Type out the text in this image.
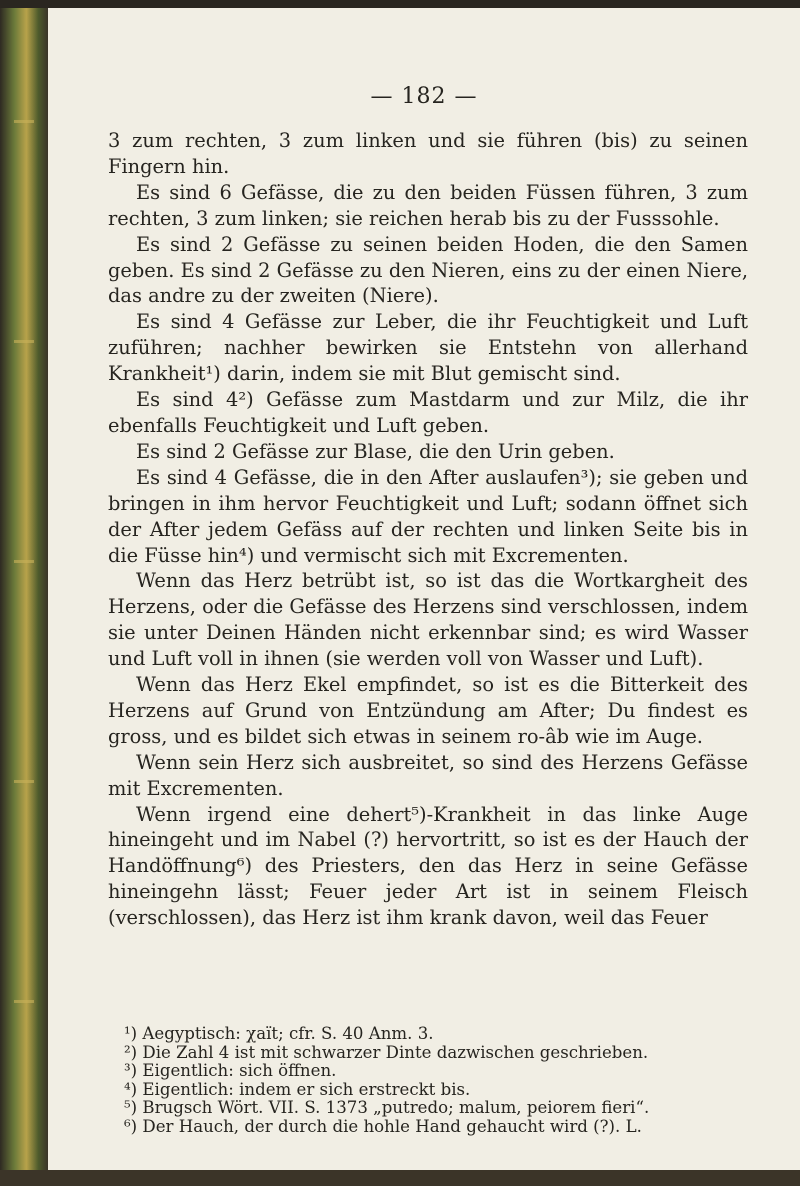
— 182 —

3 zum rechten, 3 zum linken und sie führen (bis) zu seinen Fingern hin.

Es sind 6 Gefässe, die zu den beiden Füssen führen, 3 zum rechten, 3 zum linken; sie reichen herab bis zu der Fusssohle.

Es sind 2 Gefässe zu seinen beiden Hoden, die den Samen geben. Es sind 2 Gefässe zu den Nieren, eins zu der einen Niere, das andre zu der zweiten (Niere).

Es sind 4 Gefässe zur Leber, die ihr Feuchtigkeit und Luft zuführen; nachher bewirken sie Entstehn von allerhand Krankheit¹) darin, indem sie mit Blut gemischt sind.

Es sind 4²) Gefässe zum Mastdarm und zur Milz, die ihr ebenfalls Feuchtigkeit und Luft geben.

Es sind 2 Gefässe zur Blase, die den Urin geben.

Es sind 4 Gefässe, die in den After auslaufen³); sie geben und bringen in ihm hervor Feuchtigkeit und Luft; sodann öffnet sich der After jedem Gefäss auf der rechten und linken Seite bis in die Füsse hin⁴) und vermischt sich mit Excrementen.

Wenn das Herz betrübt ist, so ist das die Wortkargheit des Herzens, oder die Gefässe des Herzens sind verschlossen, indem sie unter Deinen Händen nicht erkennbar sind; es wird Wasser und Luft voll in ihnen (sie werden voll von Wasser und Luft).

Wenn das Herz Ekel empfindet, so ist es die Bitterkeit des Herzens auf Grund von Entzündung am After; Du findest es gross, und es bildet sich etwas in seinem ro-âb wie im Auge.

Wenn sein Herz sich ausbreitet, so sind des Herzens Gefässe mit Excrementen.

Wenn irgend eine dehert⁵)-Krankheit in das linke Auge hineingeht und im Nabel (?) hervortritt, so ist es der Hauch der Handöffnung⁶) des Priesters, den das Herz in seine Gefässe hineingehn lässt; Feuer jeder Art ist in seinem Fleisch (verschlossen), das Herz ist ihm krank davon, weil das Feuer

¹) Aegyptisch: χaït; cfr. S. 40 Anm. 3.
²) Die Zahl 4 ist mit schwarzer Dinte dazwischen geschrieben.
³) Eigentlich: sich öffnen.
⁴) Eigentlich: indem er sich erstreckt bis.
⁵) Brugsch Wört. VII. S. 1373 „putredo; malum, peiorem fieri“.
⁶) Der Hauch, der durch die hohle Hand gehaucht wird (?). L.
